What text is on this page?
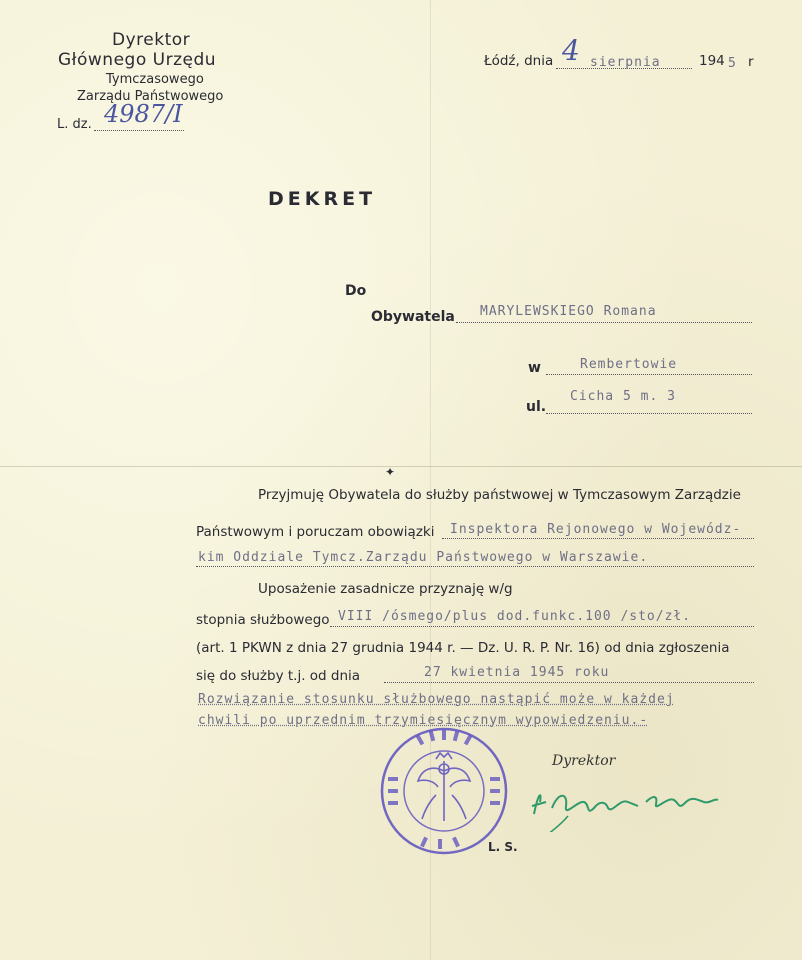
Dyrektor
Głównego Urzędu
Tymczasowego
Zarządu Państwowego
L. dz. 4987/I
Łódź, dnia 4 sierpnia	194 5 r
DEKRET
Do
Obywatela MARYLEWSKIEGO Romana
w	Rembertowie
ul.
Cicha 5 m. 3
✦
Przyjmuję Obywatela do służby państwowej w Tymczasowym Zarządzie
Państwowym i poruczam obowiązki Inspektora Rejonowego w Wojewódz-
kim Oddziale Tymcz.Zarządu Państwowego w Warszawie.
Uposażenie zasadnicze przyznaję w/g
stopnia służbowego VIII /ósmego/plus dod.funkc.100 /sto/zł.
(art. 1 PKWN z dnia 27 grudnia 1944 r. — Dz. U. R. P. Nr. 16) od dnia zgłoszenia
się do służby t.j. od dnia	27 kwietnia 1945 roku
Rozwiązanie stosunku służbowego nastąpić może w każdej
chwili po uprzednim trzymiesięcznym wypowiedzeniu.-
Dyrektor
L. S.
